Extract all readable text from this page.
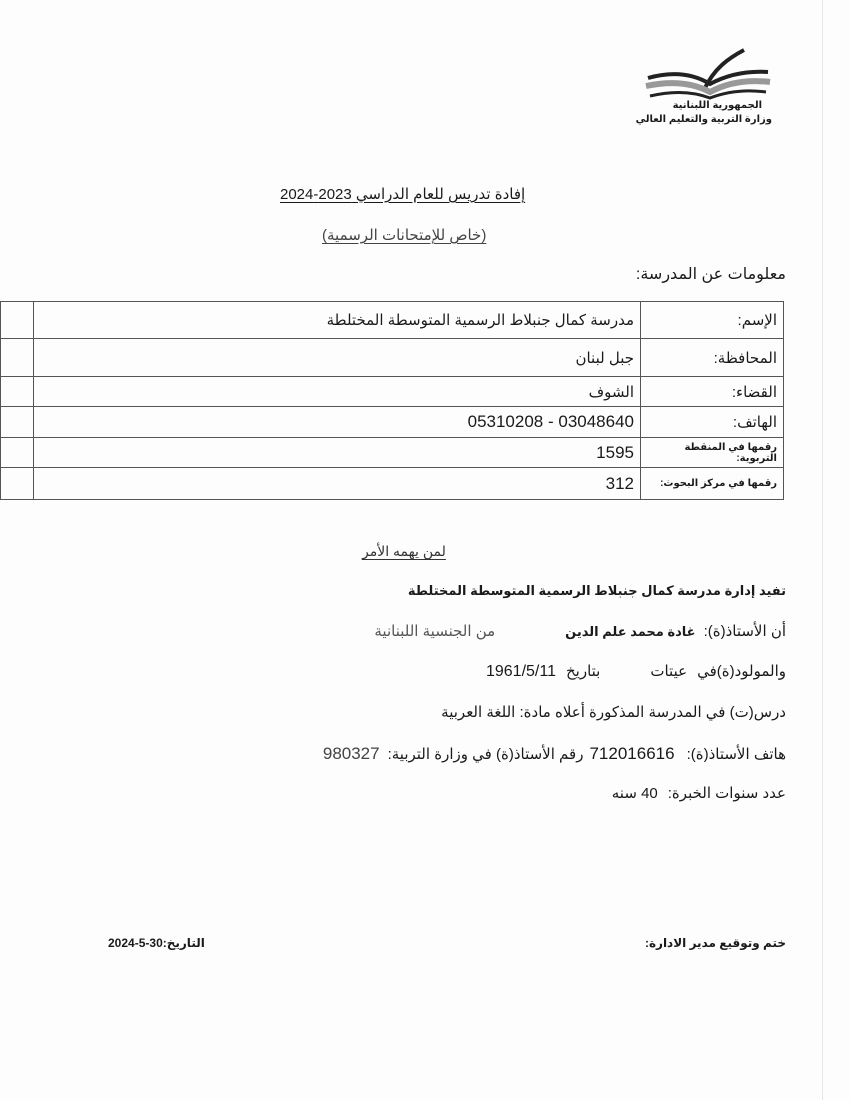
الجمهورية اللبنانية
وزارة التربية والتعليم العالي
إفادة تدريس للعام الدراسي 2023-2024
(خاص للإمتحانات الرسمية)
معلومات عن المدرسة:
الإسم:	مدرسة كمال جنبلاط الرسمية المتوسطة المختلطة	
المحافظة:	جبل لبنان	
القضاء:	الشوف	
الهاتف:	03048640 - 05310208	
رقمها في المنقطة التربوية:	1595	
رقمها في مركز البحوث:	312	
لمن يهمه الأمر
تفيد إدارة مدرسة كمال جنبلاط الرسمية المتوسطة المختلطة
أن الأستاذ(ة):
غادة محمد علم الدين
من الجنسية اللبنانية
والمولود(ة)في
عيتات
بتاريخ
1961/5/11
درس(ت) في المدرسة المذكورة أعلاه مادة: اللغة العربية
هاتف الأستاذ(ة):
712016616
رقم الأستاذ(ة) في وزارة التربية:
980327
عدد سنوات الخبرة:
40 سنه
ختم وتوقيع مدير الادارة:
التاريخ:30-5-2024
